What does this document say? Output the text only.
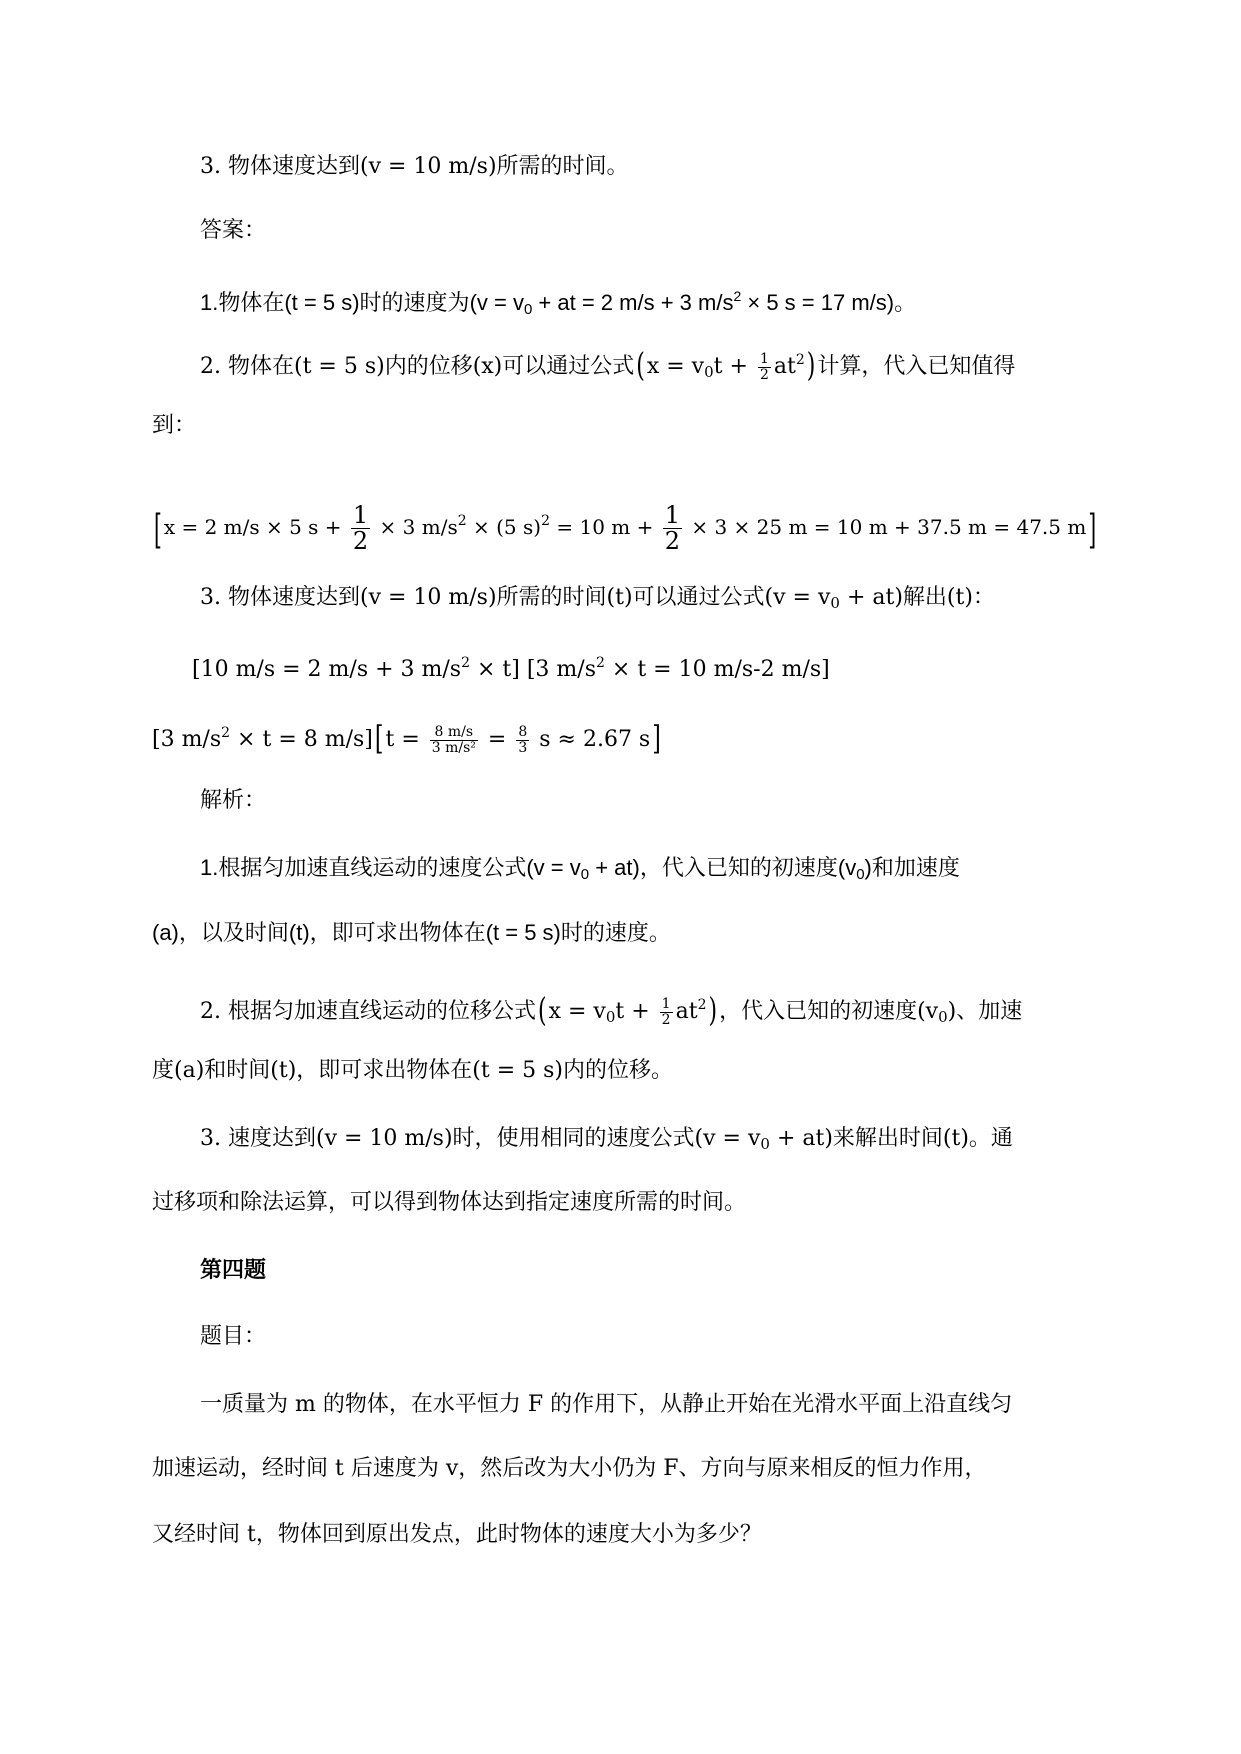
3. 物体速度达到(v = 10 m/s)所需的时间。
答案：
1.物体在(t = 5 s)时的速度为($v = v_0$ + at = 2 m/s + 3 $m/s^2 \times 5$ s = 17 m/s)。
2. 物体在(t = 5 s)内的位移(x)可以通过公式$(x = v_0t + \frac{1}{2} at^2)$计算，代入已知值得
到：
[ x = 2 m/s × 5 $s + \frac{1}{2} \times 3$ $m/s^2 \times (5$ s)$^2$ = 10 $m + \frac{1}{2} \times 3 \times 25$ m = 10 m + 37.5 m = 47.5 m ]
3. 物体速度达到(v = 10 m/s)所需的时间(t)可以通过公式$(v = v_0 + at)$解出(t)：
[10 m/s = 2 m/s + 3 $m/s^2 \times t$] [3 $m/s^2 \times t = 10$ m/s-2 m/s]
[3 $m/s^2 \times t = 8$ $m/s][t = \frac{8 m/s}{\text{3 m/s²}} = \frac{8}{3}$ s ≈ 2.67 s]
解析：
1.根据匀加速直线运动的速度公式$(v = v_0 + at)$，代入已知的初速度$(v_0)$和加速度
(a)，以及时间(t)，即可求出物体在(t = 5 s)时的速度。
2. 根据匀加速直线运动的位移公式$(x = v_0t + \frac{1}{2} at^2)$，代入已知的初速度$(v_0)$、加速
度(a)和时间(t)，即可求出物体在(t = 5 s)内的位移。
3. 速度达到(v = 10 m/s)时，使用相同的速度公式$(v = v_0 + at)$来解出时间(t)。通
过移项和除法运算，可以得到物体达到指定速度所需的时间。
第四题
题目：
一质量为 m 的物体，在水平恒力 F 的作用下，从静止开始在光滑水平面上沿直线匀
加速运动，经时间 t 后速度为 v，然后改为大小仍为 F、方向与原来相反的恒力作用，
又经时间 t，物体回到原出发点，此时物体的速度大小为多少？
